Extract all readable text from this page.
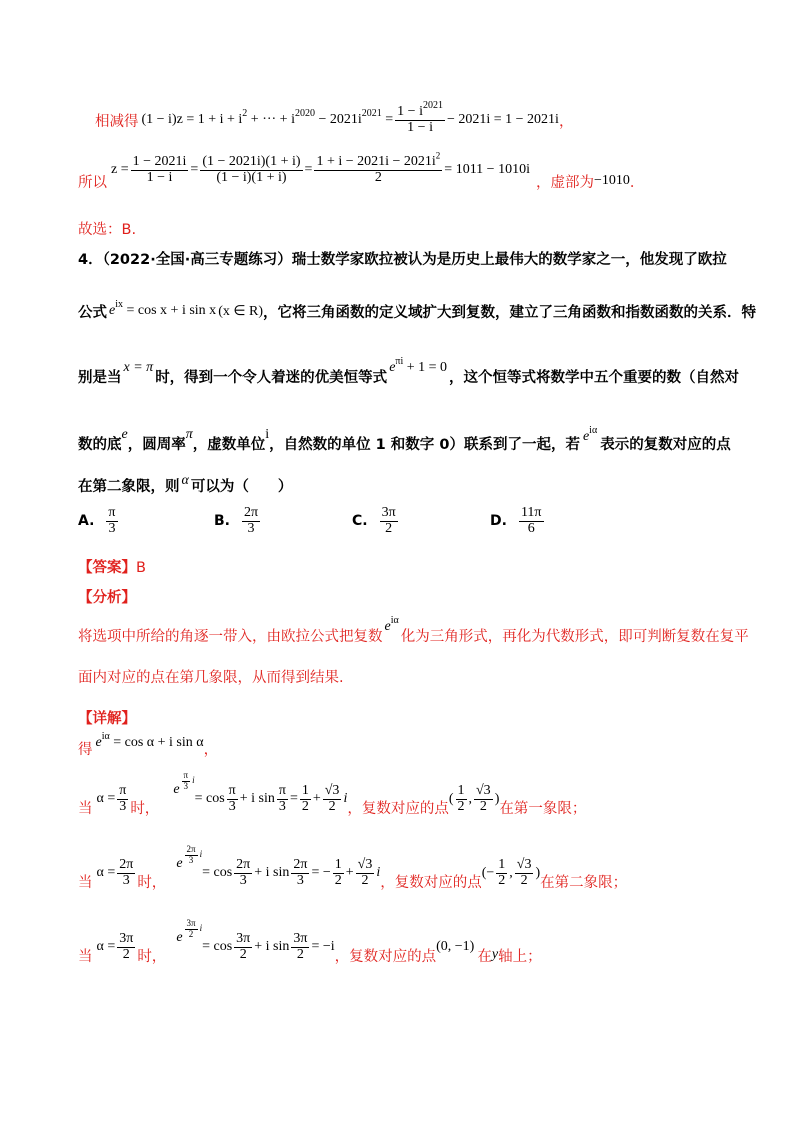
相减得 $(1 - i)z = 1 + i + i^2$ + ··· + $i^{2020} - 2021i^{2021} = \frac{1 - i^{2021}}{1 - i} - 2021i = 1 - 2021i$ ，
所以
$z = \frac{1 - 2021i}{1 - i} = \frac{(1 - 2021i)(1 + i)}{(1 - i)(1 + i)} = \frac{1 + i - 2021i - 2021i^2}{2} = 1011 - 1010i$
，虚部为 −1010 ．
故选：B.
4．（2022·全国·高三专题练习）瑞士数学家欧拉被认为是历史上最伟大的数学家之一，他发现了欧拉
公式 $e^{ix} = \cos x + i$ sin x (x ∈ R) ，它将三角函数的定义域扩大到复数，建立了三角函数和指数函数的关系．特
别是当
x = π
时，得到一个令人着迷的优美恒等式
$e^{\pi i} + 1 = 0$
，这个恒等式将数学中五个重要的数（自然对
数的底
e
，圆周率
π
，虚数单位
i
，自然数的单位 1 和数字 0）联系到了一起，若 $e^{i\alpha}$
表示的复数对应的点
在第二象限，则 α 可以为（　　）
A. $\frac{\pi}{3}$	B. $\frac{2\pi}{3}$	C. $\frac{3\pi}{2}$	D. $\frac{11\pi}{6}$
【答案】B
【分析】
将选项中所给的角逐一带入，由欧拉公式把复数
$e^{i\alpha}$
化为三角形式，再化为代数形式，即可判断复数在复平
面内对应的点在第几象限，从而得到结果.
【详解】
得 $e^{i\alpha} = \cos \alpha + i$ sin α ，
当
$\alpha = \frac{\pi}{3}$ 时，
e $^{\frac{\pi}{3} i}$
= $\cos \frac{\pi}{3} + i$ $\sin \frac{\pi}{3} = \frac{1}{2} + \frac{√3}{2}$ i
，复数对应的点
( $\frac{1}{2}$ , $\frac{√3}{2}$ )
在第一象限；
当
$\alpha = \frac{2\pi}{3}$ 时，
e $^{\frac{2\pi}{3} i}$
= $\cos \frac{2\pi}{3} + i$ $\sin \frac{2\pi}{3}$ = − $\frac{1}{2} + \frac{√3}{2}$ i
，复数对应的点
(− $\frac{1}{2}$ , $\frac{√3}{2}$ )
在第二象限；
当
$\alpha = \frac{3\pi}{2}$ 时，
e $^{\frac{3\pi}{2} i}$
= $\cos \frac{3\pi}{2} + i$ $\sin \frac{3\pi}{2} = -i$
，复数对应的点
(0, −1)
在 y 轴上；
